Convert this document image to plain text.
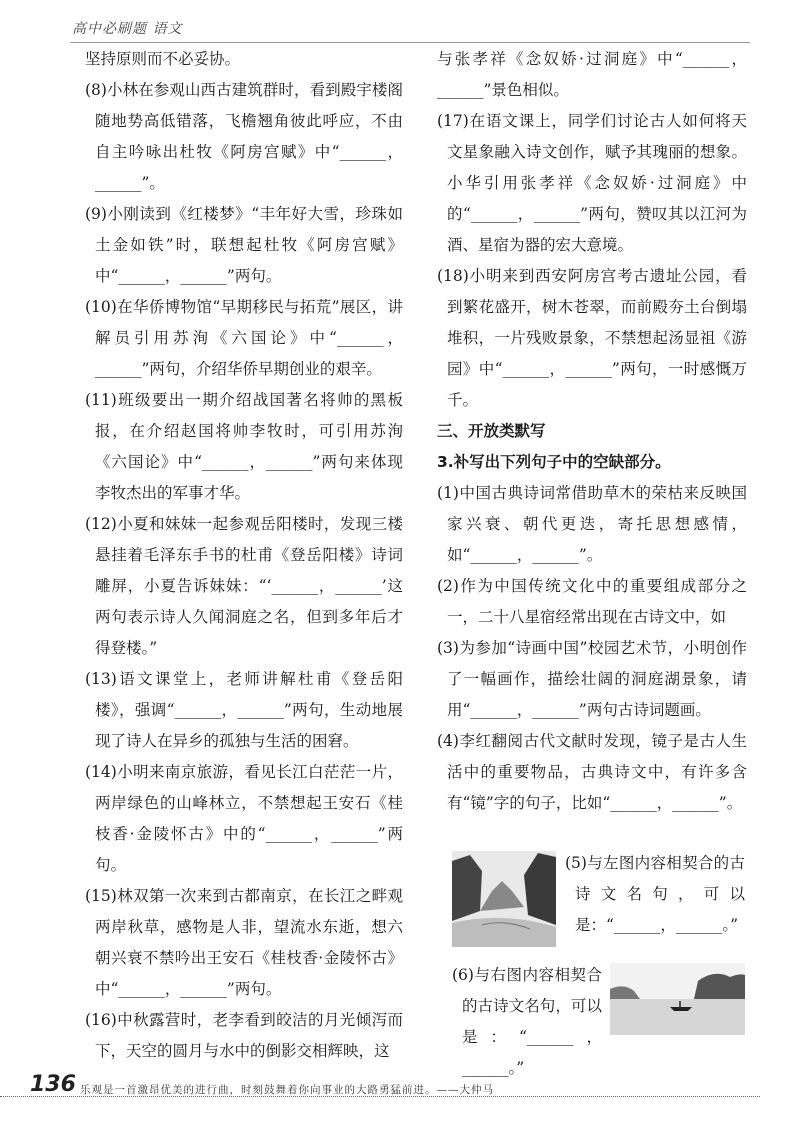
高中必刷题 语文

坚持原则而不必妥协。

(8)小林在参观山西古建筑群时，看到殿宇楼阁随地势高低错落，飞檐翘角彼此呼应，不由自主吟咏出杜牧《阿房宫赋》中“______，______”。

(9)小刚读到《红楼梦》“丰年好大雪，珍珠如土金如铁”时，联想起杜牧《阿房宫赋》中“______，______”两句。

(10)在华侨博物馆“早期移民与拓荒”展区，讲解员引用苏洵《六国论》中“______，______”两句，介绍华侨早期创业的艰辛。

(11)班级要出一期介绍战国著名将帅的黑板报，在介绍赵国将帅李牧时，可引用苏洵《六国论》中“______，______”两句来体现李牧杰出的军事才华。

(12)小夏和妹妹一起参观岳阳楼时，发现三楼悬挂着毛泽东手书的杜甫《登岳阳楼》诗词雕屏，小夏告诉妹妹：“‘______，______’这两句表示诗人久闻洞庭之名，但到多年后才得登楼。”

(13)语文课堂上，老师讲解杜甫《登岳阳楼》，强调“______，______”两句，生动地展现了诗人在异乡的孤独与生活的困窘。

(14)小明来南京旅游，看见长江白茫茫一片，两岸绿色的山峰林立，不禁想起王安石《桂枝香·金陵怀古》中的“______，______”两句。

(15)林双第一次来到古都南京，在长江之畔观两岸秋草，感物是人非，望流水东逝，想六朝兴衰不禁吟出王安石《桂枝香·金陵怀古》中“______，______”两句。

(16)中秋露营时，老李看到皎洁的月光倾泻而下，天空的圆月与水中的倒影交相辉映，这

与张孝祥《念奴娇·过洞庭》中“______，______”景色相似。

(17)在语文课上，同学们讨论古人如何将天文星象融入诗文创作，赋予其瑰丽的想象。小华引用张孝祥《念奴娇·过洞庭》中的“______，______”两句，赞叹其以江河为酒、星宿为器的宏大意境。

(18)小明来到西安阿房宫考古遗址公园，看到繁花盛开，树木苍翠，而前殿夯土台倒塌堆积，一片残败景象，不禁想起汤显祖《游园》中“______，______”两句，一时感慨万千。

三、开放类默写

3.补写出下列句子中的空缺部分。

(1)中国古典诗词常借助草木的荣枯来反映国家兴衰、朝代更迭，寄托思想感情，如“______，______”。

(2)作为中国传统文化中的重要组成部分之一，二十八星宿经常出现在古诗文中，如

(3)为参加“诗画中国”校园艺术节，小明创作了一幅画作，描绘壮阔的洞庭湖景象，请用“______，______”两句古诗词题画。

(4)李红翻阅古代文献时发现，镜子是古人生活中的重要物品，古典诗文中，有许多含有“镜”字的句子，比如“______，______”。

(5)与左图内容相契合的古诗文名句，可以是：“______，______。”

(6)与右图内容相契合的古诗文名句，可以是：“______，______。”

136 乐观是一首激昂优美的进行曲，时刻鼓舞着你向事业的大路勇猛前进。——大仲马
